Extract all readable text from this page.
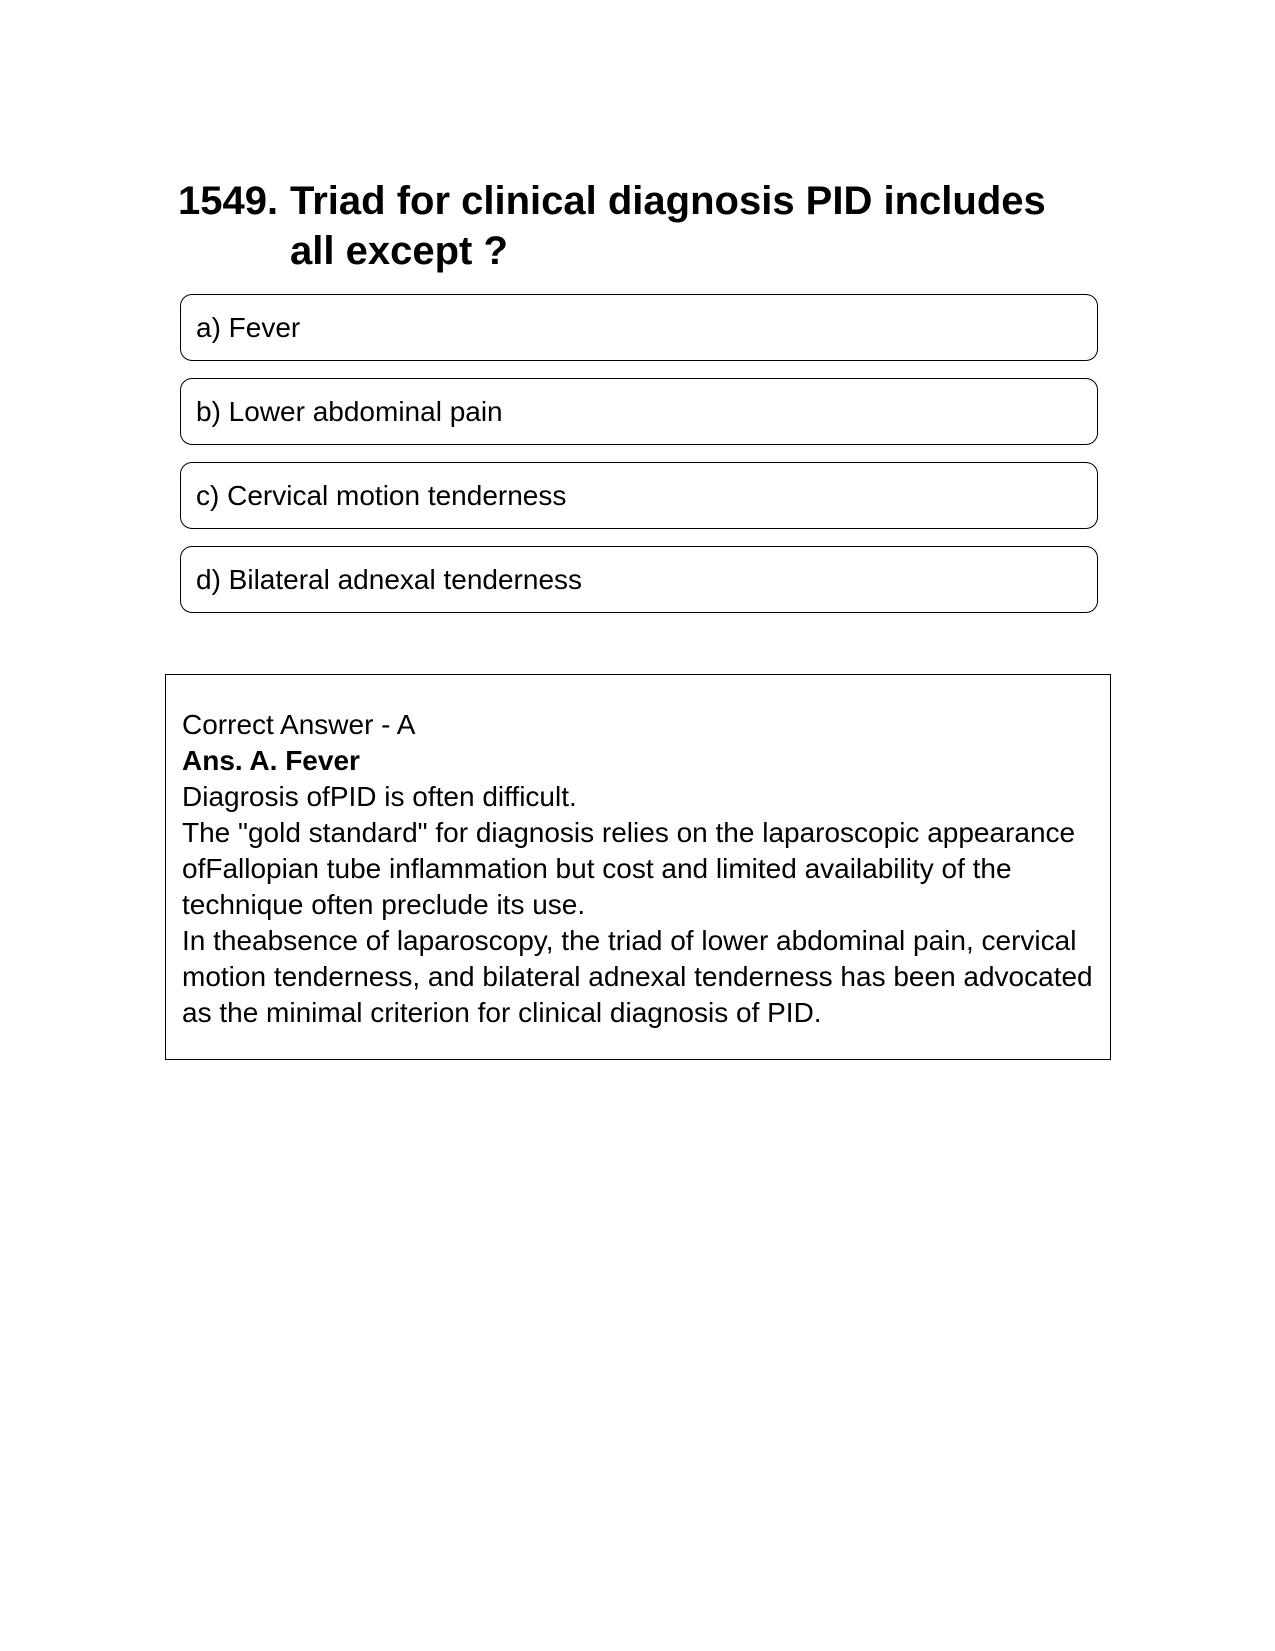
1549. Triad for clinical diagnosis PID includes all except ?
a) Fever
b) Lower abdominal pain
c) Cervical motion tenderness
d) Bilateral adnexal tenderness
Correct Answer - A
Ans. A. Fever
Diagrosis ofPID is often difficult.
The "gold standard" for diagnosis relies on the laparoscopic appearance ofFallopian tube inflammation but cost and limited availability of the technique often preclude its use.
In theabsence of laparoscopy, the triad of lower abdominal pain, cervical motion tenderness, and bilateral adnexal tenderness has been advocated as the minimal criterion for clinical diagnosis of PID.
